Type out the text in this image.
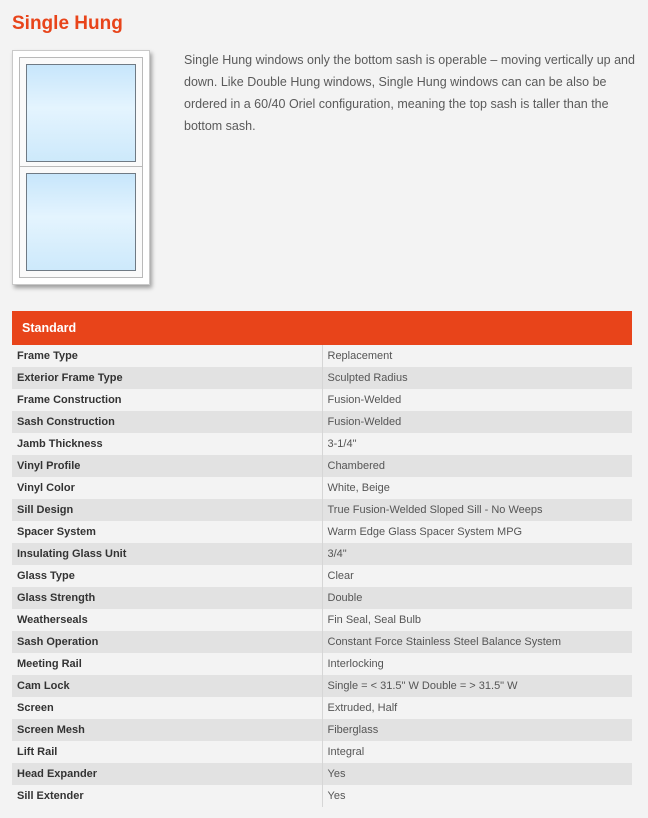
Single Hung

Single Hung windows only the bottom sash is operable – moving vertically up and down. Like Double Hung windows, Single Hung windows can can be also be ordered in a 60/40 Oriel configuration, meaning the top sash is taller than the bottom sash.

Standard	
Frame Type	Replacement
Exterior Frame Type	Sculpted Radius
Frame Construction	Fusion-Welded
Sash Construction	Fusion-Welded
Jamb Thickness	3-1/4"
Vinyl Profile	Chambered
Vinyl Color	White, Beige
Sill Design	True Fusion-Welded Sloped Sill - No Weeps
Spacer System	Warm Edge Glass Spacer System MPG
Insulating Glass Unit	3/4"
Glass Type	Clear
Glass Strength	Double
Weatherseals	Fin Seal, Seal Bulb
Sash Operation	Constant Force Stainless Steel Balance System
Meeting Rail	Interlocking
Cam Lock	Single = < 31.5" W Double = > 31.5" W
Screen	Extruded, Half
Screen Mesh	Fiberglass
Lift Rail	Integral
Head Expander	Yes
Sill Extender	Yes
